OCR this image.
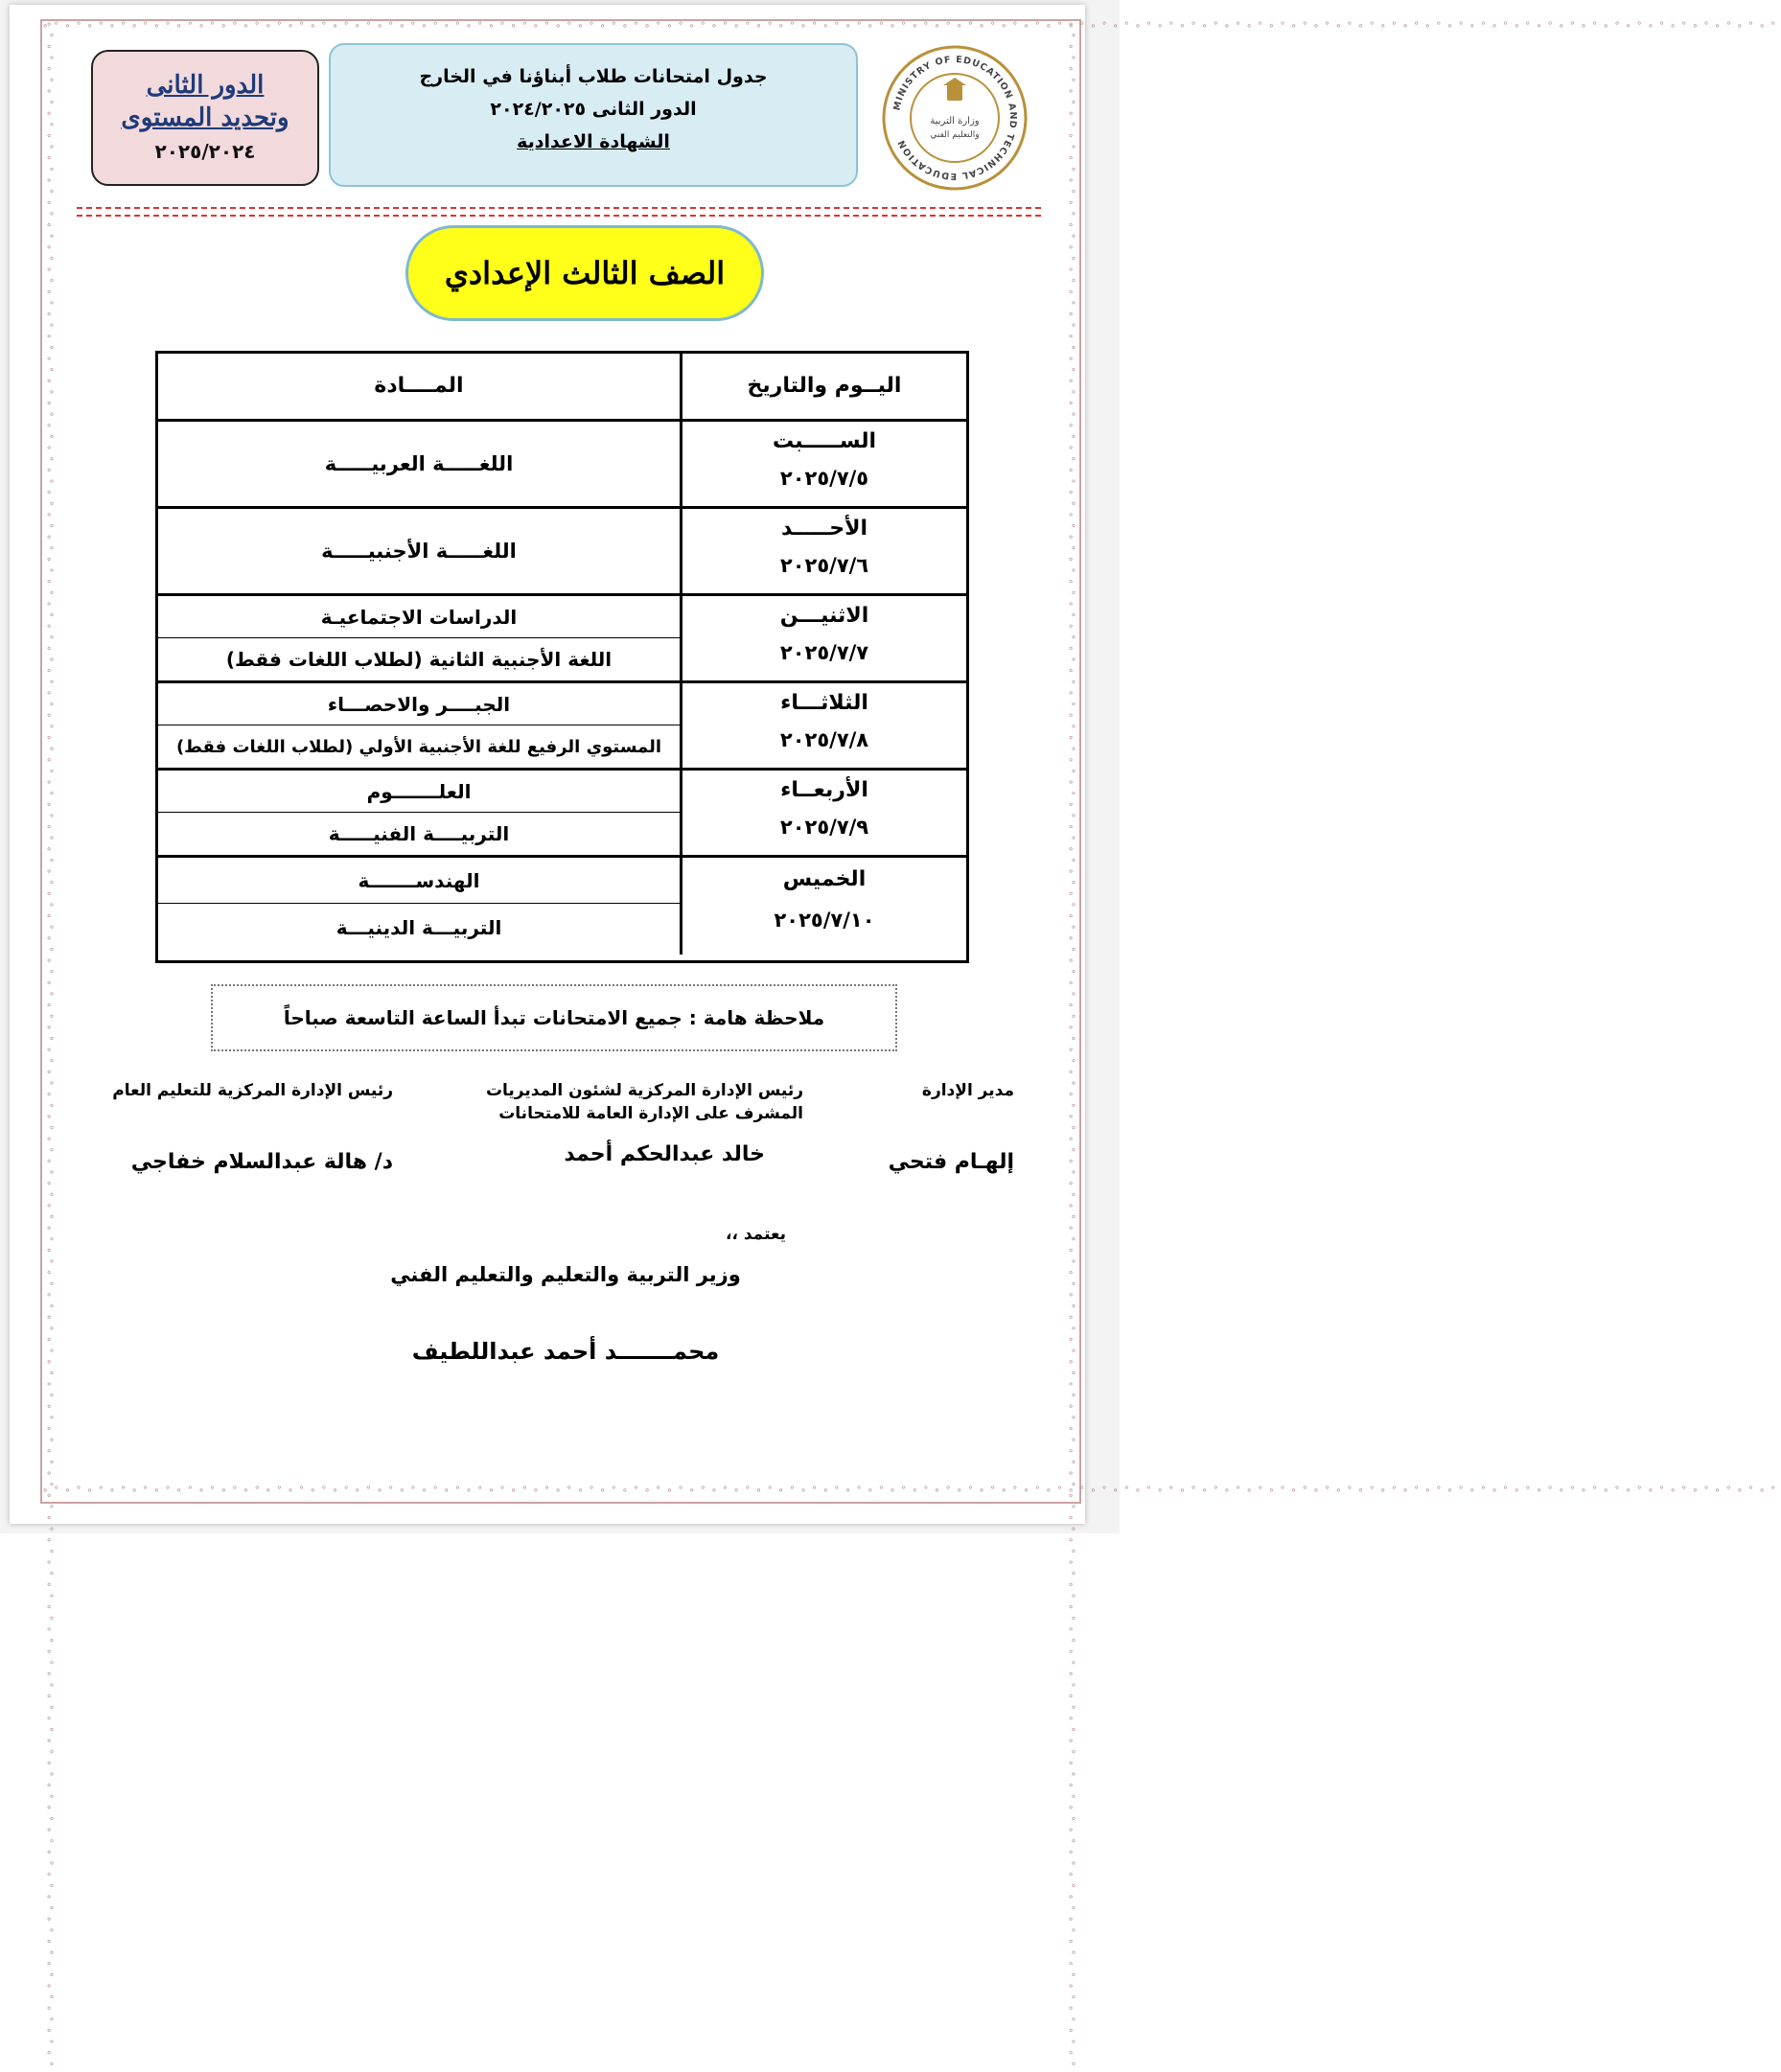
∘°∘°∘°∘°∘°∘°∘°∘°∘°∘°∘°∘°∘°∘°∘°∘°∘°∘°∘°∘°∘°∘°∘°∘°∘°∘°∘°∘°∘°∘°∘°∘°∘°∘°∘°∘°∘°∘°∘°∘°∘°∘°∘°∘°∘°∘°∘°∘°∘°∘°∘°∘°∘°∘°∘°∘°∘°∘°∘°∘°∘°∘°∘°∘°∘°∘°∘°∘°∘°∘°∘°∘°∘°∘°∘°∘°∘°∘°
∘°∘°∘°∘°∘°∘°∘°∘°∘°∘°∘°∘°∘°∘°∘°∘°∘°∘°∘°∘°∘°∘°∘°∘°∘°∘°∘°∘°∘°∘°∘°∘°∘°∘°∘°∘°∘°∘°∘°∘°∘°∘°∘°∘°∘°∘°∘°∘°∘°∘°∘°∘°∘°∘°∘°∘°∘°∘°∘°∘°∘°∘°∘°∘°∘°∘°∘°∘°∘°∘°∘°∘°∘°∘°∘°∘°∘°∘°
∘°∘°∘°∘°∘°∘°∘°∘°∘°∘°∘°∘°∘°∘°∘°∘°∘°∘°∘°∘°∘°∘°∘°∘°∘°∘°∘°∘°∘°∘°∘°∘°∘°∘°∘°∘°∘°∘°∘°∘°∘°∘°∘°∘°∘°∘°∘°∘°∘°∘°∘°∘°∘°∘°∘°∘°∘°∘°∘°∘°∘°∘°∘°∘°∘°∘°∘°∘°∘°∘°∘°∘°∘°∘°∘°∘°∘°∘°∘°∘°∘°∘°∘°∘°∘°∘°∘°∘°∘°∘°∘°∘°	∘°∘°∘°∘°∘°∘°∘°∘°∘°∘°∘°∘°∘°∘°∘°∘°∘°∘°∘°∘°∘°∘°∘°∘°∘°∘°∘°∘°∘°∘°∘°∘°∘°∘°∘°∘°∘°∘°∘°∘°∘°∘°∘°∘°∘°∘°∘°∘°∘°∘°∘°∘°∘°∘°∘°∘°∘°∘°∘°∘°∘°∘°∘°∘°∘°∘°∘°∘°∘°∘°∘°∘°∘°∘°∘°∘°∘°∘°∘°∘°∘°∘°∘°∘°∘°∘°∘°∘°∘°∘°∘°∘°
الدور الثانى
وتحديد المستوى
٢٠٢٥/٢٠٢٤
جدول امتحانات طلاب أبناؤنا في الخارج
الدور الثانى ٢٠٢٤/٢٠٢٥
الشهادة الاعدادية
MINISTRY OF EDUCATION AND TECHNICAL EDUCATION
وزارة التربية
والتعليم الفني
الصف الثالث الإعدادي
اليــوم والتاريخ
المــــادة
الســـــبت
٢٠٢٥/٧/٥
اللغـــــة العربيـــــة
الأحـــــد
٢٠٢٥/٧/٦
اللغـــــة الأجنبيـــــة
الاثنيـــن
٢٠٢٥/٧/٧
الدراسات الاجتماعيـة
اللغة الأجنبية الثانية (لطلاب اللغات فقط)
الثلاثـــاء
٢٠٢٥/٧/٨
الجبــــر والاحصـــاء
المستوي الرفيع للغة الأجنبية الأولي (لطلاب اللغات فقط)
الأربعــاء
٢٠٢٥/٧/٩
العلـــــــوم
التربيــــة الفنيـــــة
الخميس
٢٠٢٥/٧/١٠
الهندســـــــة
التربيـــة الدينيـــة
ملاحظة هامة : جميع الامتحانات تبدأ الساعة التاسعة صباحاً
مدير الإدارة
إلهـام فتحي
رئيس الإدارة المركزية لشئون المديريات
المشرف على الإدارة العامة للامتحانات
خالد عبدالحكم أحمد
رئيس الإدارة المركزية للتعليم العام
د/ هالة عبدالسلام خفاجي
يعتمد ،،
وزير التربية والتعليم والتعليم الفني
محمـــــــد أحمد عبداللطيف
